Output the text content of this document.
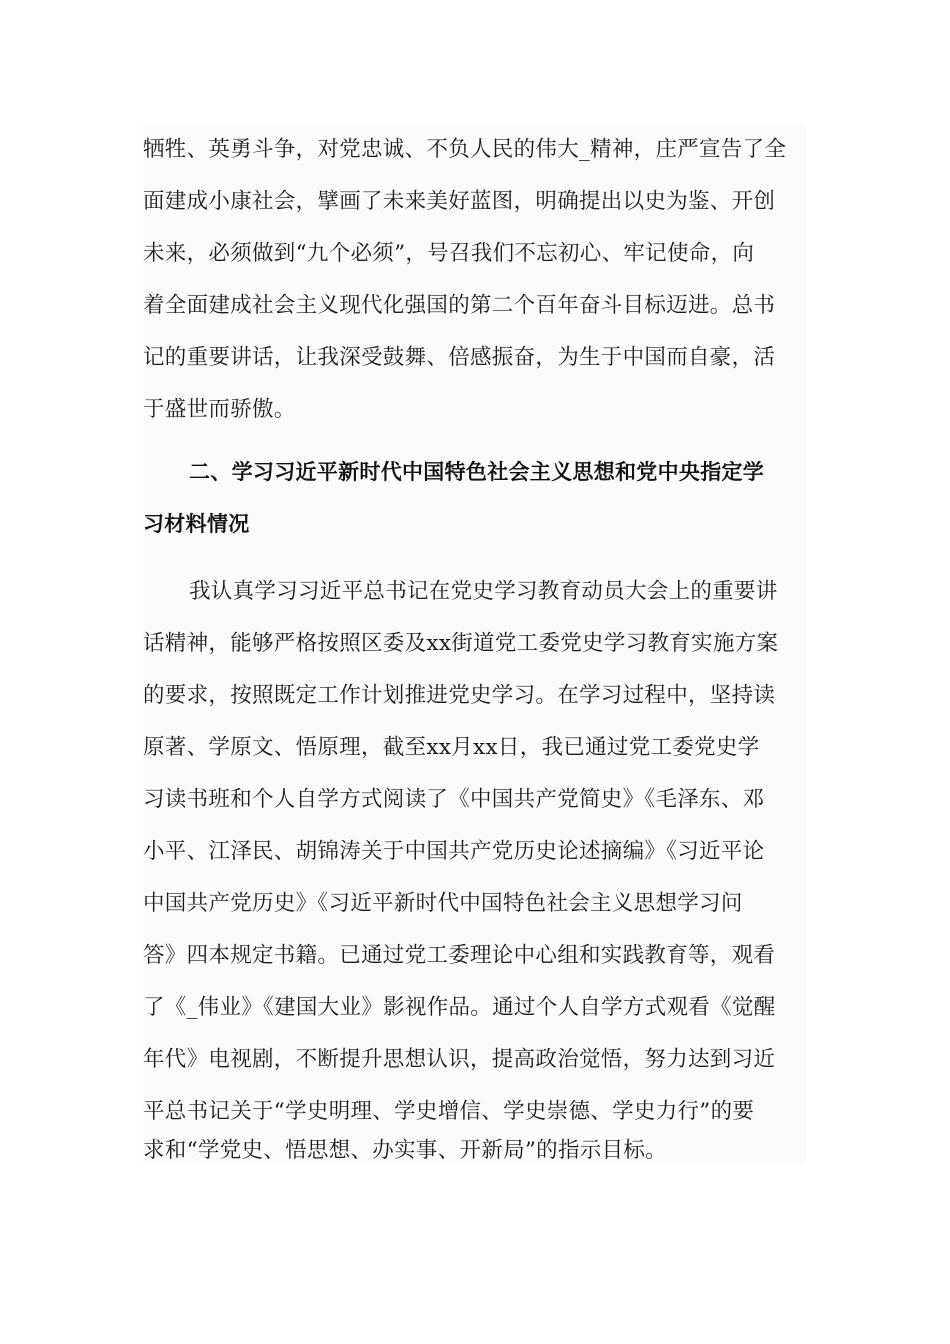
牺牲、英勇斗争，对党忠诚、不负人民的伟大_精神，庄严宣告了全
面建成小康社会，擘画了未来美好蓝图，明确提出以史为鉴、开创
未来，必须做到“九个必须”，号召我们不忘初心、牢记使命，向
着全面建成社会主义现代化强国的第二个百年奋斗目标迈进。总书
记的重要讲话，让我深受鼓舞、倍感振奋，为生于中国而自豪，活
于盛世而骄傲。
二、学习习近平新时代中国特色社会主义思想和党中央指定学
习材料情况
我认真学习习近平总书记在党史学习教育动员大会上的重要讲
话精神，能够严格按照区委及xx街道党工委党史学习教育实施方案
的要求，按照既定工作计划推进党史学习。在学习过程中，坚持读
原著、学原文、悟原理，截至xx月xx日，我已通过党工委党史学
习读书班和个人自学方式阅读了《中国共产党简史》《毛泽东、邓
小平、江泽民、胡锦涛关于中国共产党历史论述摘编》《习近平论
中国共产党历史》《习近平新时代中国特色社会主义思想学习问
答》四本规定书籍。已通过党工委理论中心组和实践教育等，观看
了《_伟业》《建国大业》影视作品。通过个人自学方式观看《觉醒
年代》电视剧，不断提升思想认识，提高政治觉悟，努力达到习近
平总书记关于“学史明理、学史增信、学史崇德、学史力行”的要
求和“学党史、悟思想、办实事、开新局”的指示目标。
